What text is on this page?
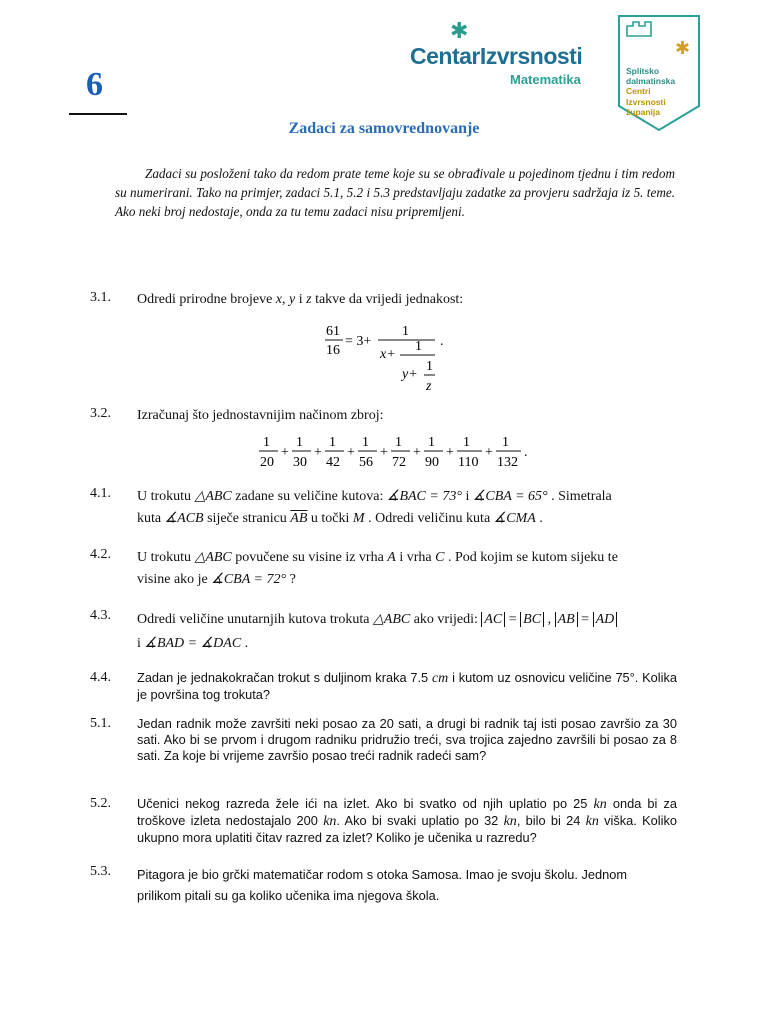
6
✱
CentarIzvrsnosti
Matematika
✱
Splitsko
dalmatinska
Centri
Izvrsnosti
županija
Zadaci za samovrednovanje
Zadaci su posloženi tako da redom prate teme koje su se obrađivale u pojedinom tjednu i tim redom su numerirani. Tako na primjer, zadaci 5.1, 5.2 i 5.3 predstavljaju zadatke za provjeru sadržaja iz 5. teme. Ako neki broj nedostaje, onda za tu temu zadaci nisu pripremljeni.
3.1. Odredi prirodne brojeve x, y i z takve da vrijedi jednakost:
61
16
= 3+
1
x+
1
y+
1
z
.
3.2. Izračunaj što jednostavnijim načinom zbroj:
1
20
+
1
30
+
1
42
+
1
56
+
1
72
+
1
90
+
1
110
+
1
132
.
4.1. U trokutu △ABC zadane su veličine kutova: ∡BAC = 73° i ∡CBA = 65° . Simetrala
kuta ∡ACB siječe stranicu $\overline{AB}$ u točki M . Odredi veličinu kuta ∡CMA .
4.2. U trokutu △ABC povučene su visine iz vrha A i vrha C . Pod kojim se kutom sijeku te
visine ako je ∡CBA = 72° ?
4.3. Odredi veličine unutarnjih kutova trokuta △ABC ako vrijedi: AC = BC , AB = AD
i ∡BAD = ∡DAC .
4.4. Zadan je jednakokračan trokut s duljinom kraka 7.5 cm i kutom uz osnovicu veličine 75°. Kolika je površina tog trokuta?
5.1. Jedan radnik može završiti neki posao za 20 sati, a drugi bi radnik taj isti posao završio za 30 sati. Ako bi se prvom i drugom radniku pridružio treći, sva trojica zajedno završili bi posao za 8 sati. Za koje bi vrijeme završio posao treći radnik radeći sam?
5.2. Učenici nekog razreda žele ići na izlet. Ako bi svatko od njih uplatio po 25 kn onda bi za troškove izleta nedostajalo 200 kn. Ako bi svaki uplatio po 32 kn, bilo bi 24 kn viška. Koliko ukupno mora uplatiti čitav razred za izlet? Koliko je učenika u razredu?
5.3. Pitagora je bio grčki matematičar rodom s otoka Samosa. Imao je svoju školu. Jednom
prilikom pitali su ga koliko učenika ima njegova škola.
